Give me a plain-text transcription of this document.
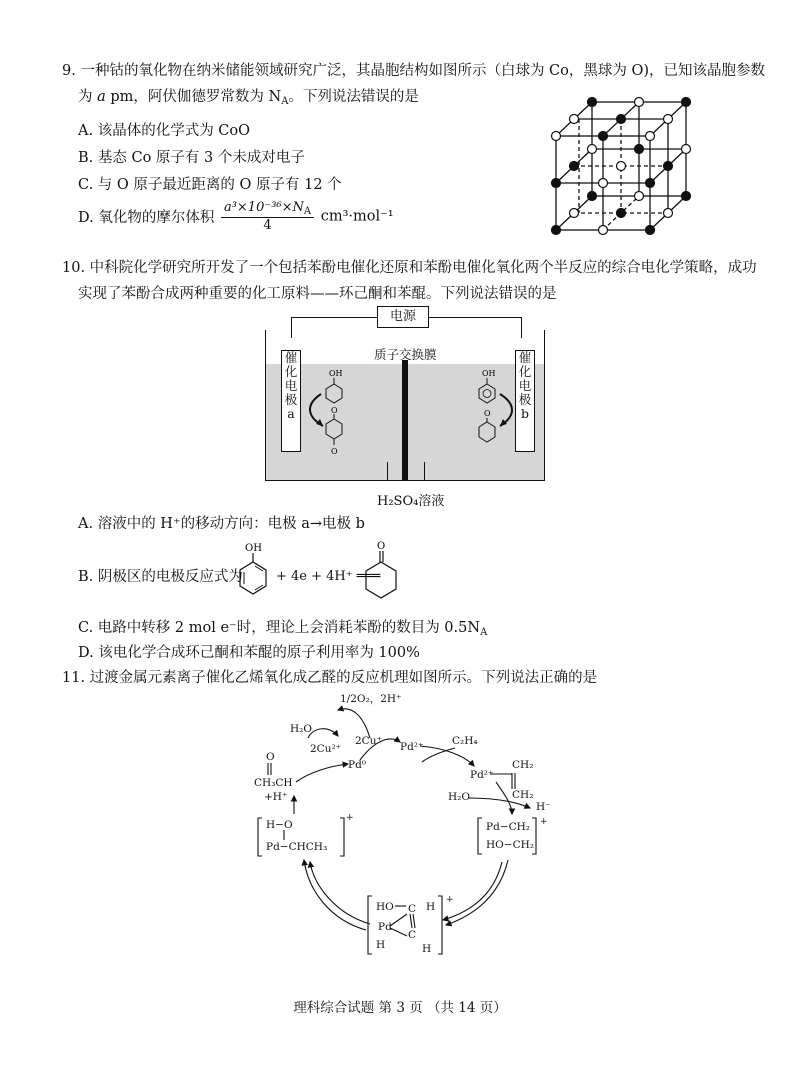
9. 一种钴的氧化物在纳米储能领域研究广泛，其晶胞结构如图所示（白球为 Co，黑球为 O)，已知该晶胞参数
为 a pm，阿伏伽德罗常数为 $N_A$。下列说法错误的是
A. 该晶体的化学式为 CoO
B. 基态 Co 原子有 3 个未成对电子
C. 与 O 原子最近距离的 O 原子有 12 个
D. 氧化物的摩尔体积 $\frac{a^3\times 10^{-36}\times N_A}{4} cm^3\cdot mol^{-1}$
10. 中科院化学研究所开发了一个包括苯酚电催化还原和苯酚电催化氧化两个半反应的综合电化学策略，成功
实现了苯酚合成两种重要的化工原料——环己酮和苯醌。下列说法错误的是
电源
质子交换膜
催
化
电
极
a
催
化
电
极
b
OH
O
O
OH
O
H₂SO₄溶液
A. 溶液中的 H⁺的移动方向：电极 a→电极 b
B. 阴极区的电极反应式为
OH
+ 4e + 4H⁺ ═══
O
C. 电路中转移 2 mol e⁻时，理论上会消耗苯酚的数目为 $0.5N_A$
D. 该电化学合成环己酮和苯醌的原子利用率为 100%
11. 过渡金属元素离子催化乙烯氧化成乙醛的反应机理如图所示。下列说法正确的是
1/2O₂，2H⁺
H₂O
2Cu²⁺
2Cu⁺ Pd²⁺
Pd⁰
C₂H₄
Pd²⁺
CH₂
CH₂
H₂O
H⁻
Pd−CH₂
HO−CH₂
+
O
CH₃CH
+H⁺
H−O
Pd−CHCH₃
+
HO	H
C
Pd
C
H	H
+
理科综合试题 第 3 页 （共 14 页）
